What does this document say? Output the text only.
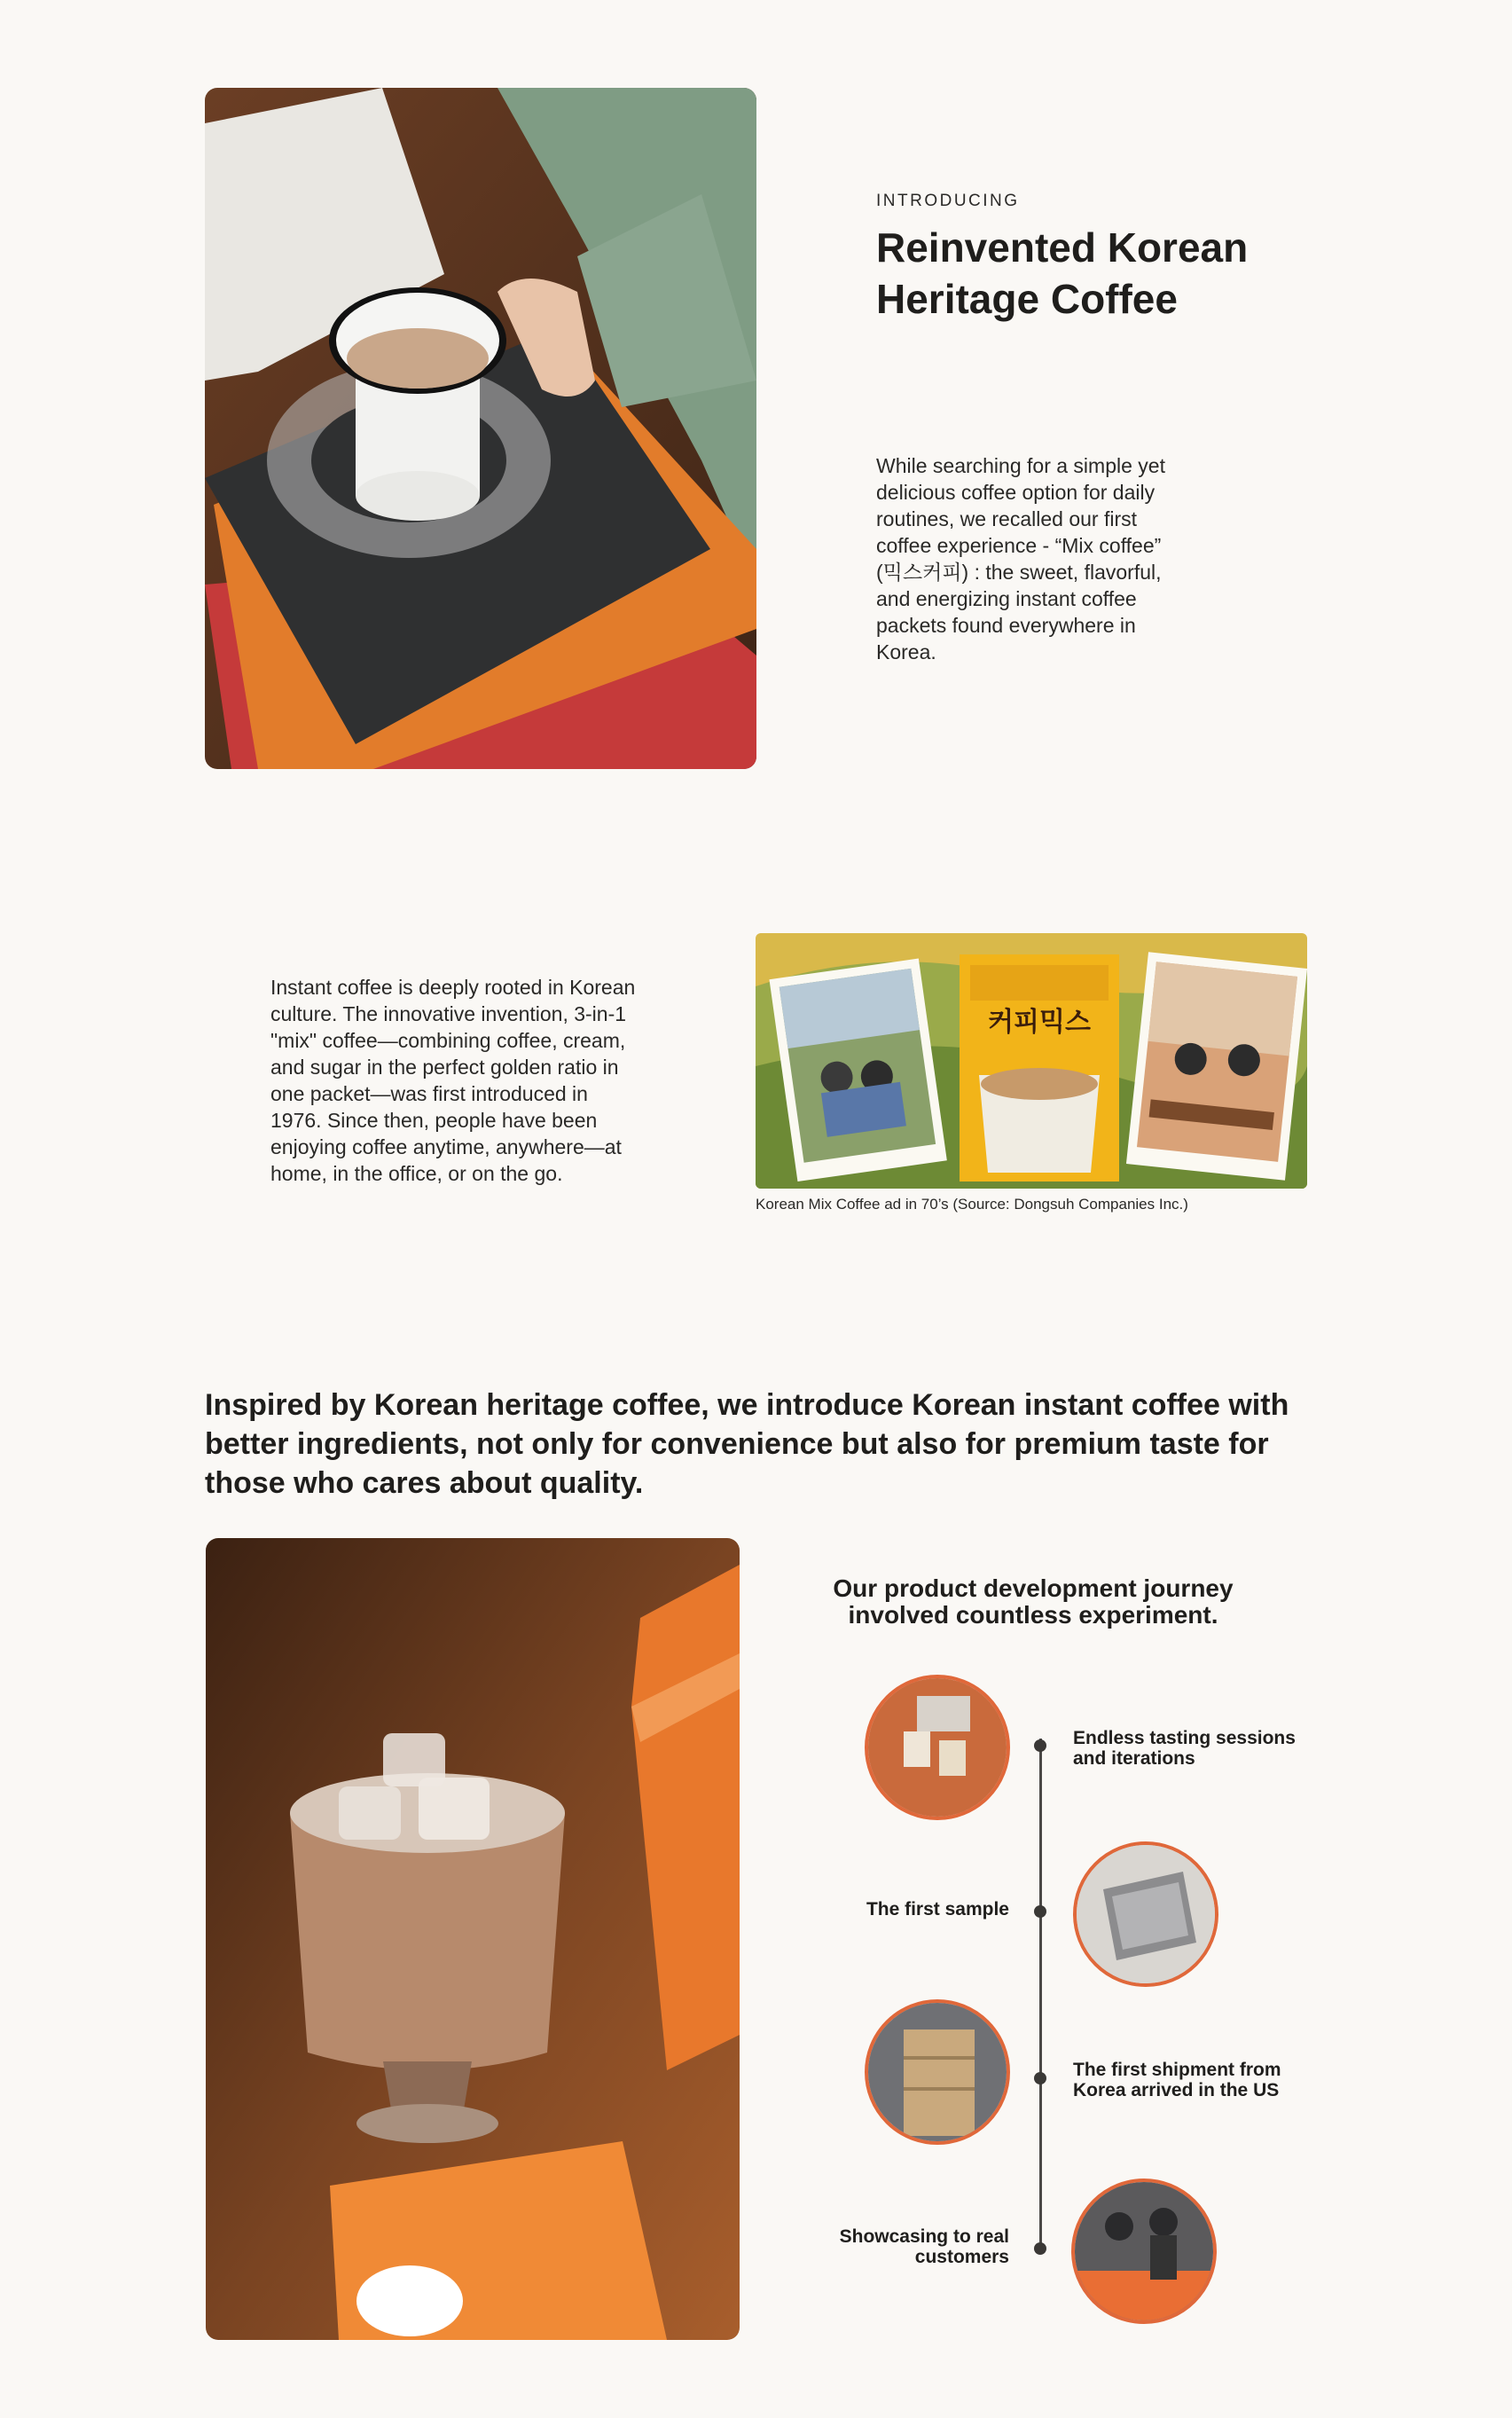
INTRODUCING
Reinvented Korean Heritage Coffee

While searching for a simple yet delicious coffee option for daily routines, we recalled our first coffee experience - “Mix coffee” (믹스커피) : the sweet, flavorful, and energizing instant coffee packets found everywhere in Korea.

Instant coffee is deeply rooted in Korean culture. The innovative invention, 3-in-1 "mix" coffee—combining coffee, cream, and sugar in the perfect golden ratio in one packet—was first introduced in 1976. Since then, people have been enjoying coffee anytime, anywhere—at home, in the office, or on the go.

커피믹스
Korean Mix Coffee ad in 70’s (Source: Dongsuh Companies Inc.)

Inspired by Korean heritage coffee, we introduce Korean instant coffee with better ingredients, not only for convenience but also for premium taste for those who cares about quality.

Our product development journey involved countless experiment.
Endless tasting sessions and iterations
The first sample
The first shipment from Korea arrived in the US
Showcasing to real customers
